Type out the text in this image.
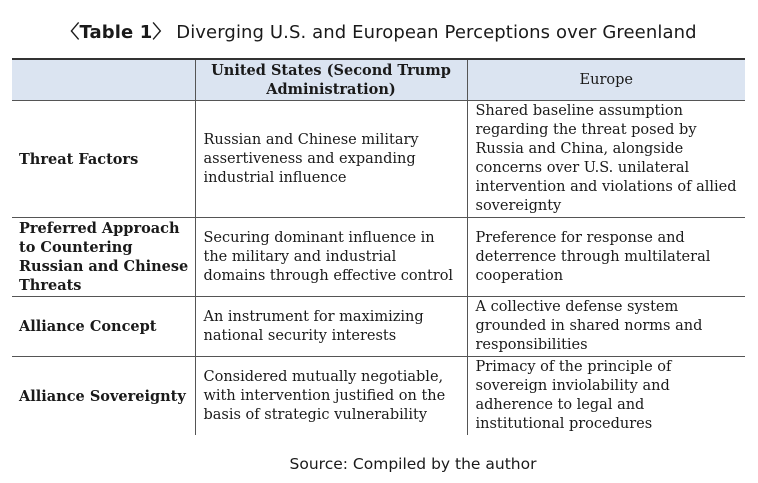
〈Table 1〉 Diverging U.S. and European Perceptions over Greenland
	United States (Second Trump Administration)	Europe
Threat Factors	Russian and Chinese military assertiveness and expanding industrial influence	Shared baseline assumption regarding the threat posed by Russia and China, alongside concerns over U.S. unilateral intervention and violations of allied sovereignty
Preferred Approach to Countering Russian and Chinese Threats	Securing dominant influence in the military and industrial domains through effective control	Preference for response and deterrence through multilateral cooperation
Alliance Concept	An instrument for maximizing national security interests	A collective defense system grounded in shared norms and responsibilities
Alliance Sovereignty	Considered mutually negotiable, with intervention justified on the basis of strategic vulnerability	Primacy of the principle of sovereign inviolability and adherence to legal and institutional procedures
Source: Compiled by the author
